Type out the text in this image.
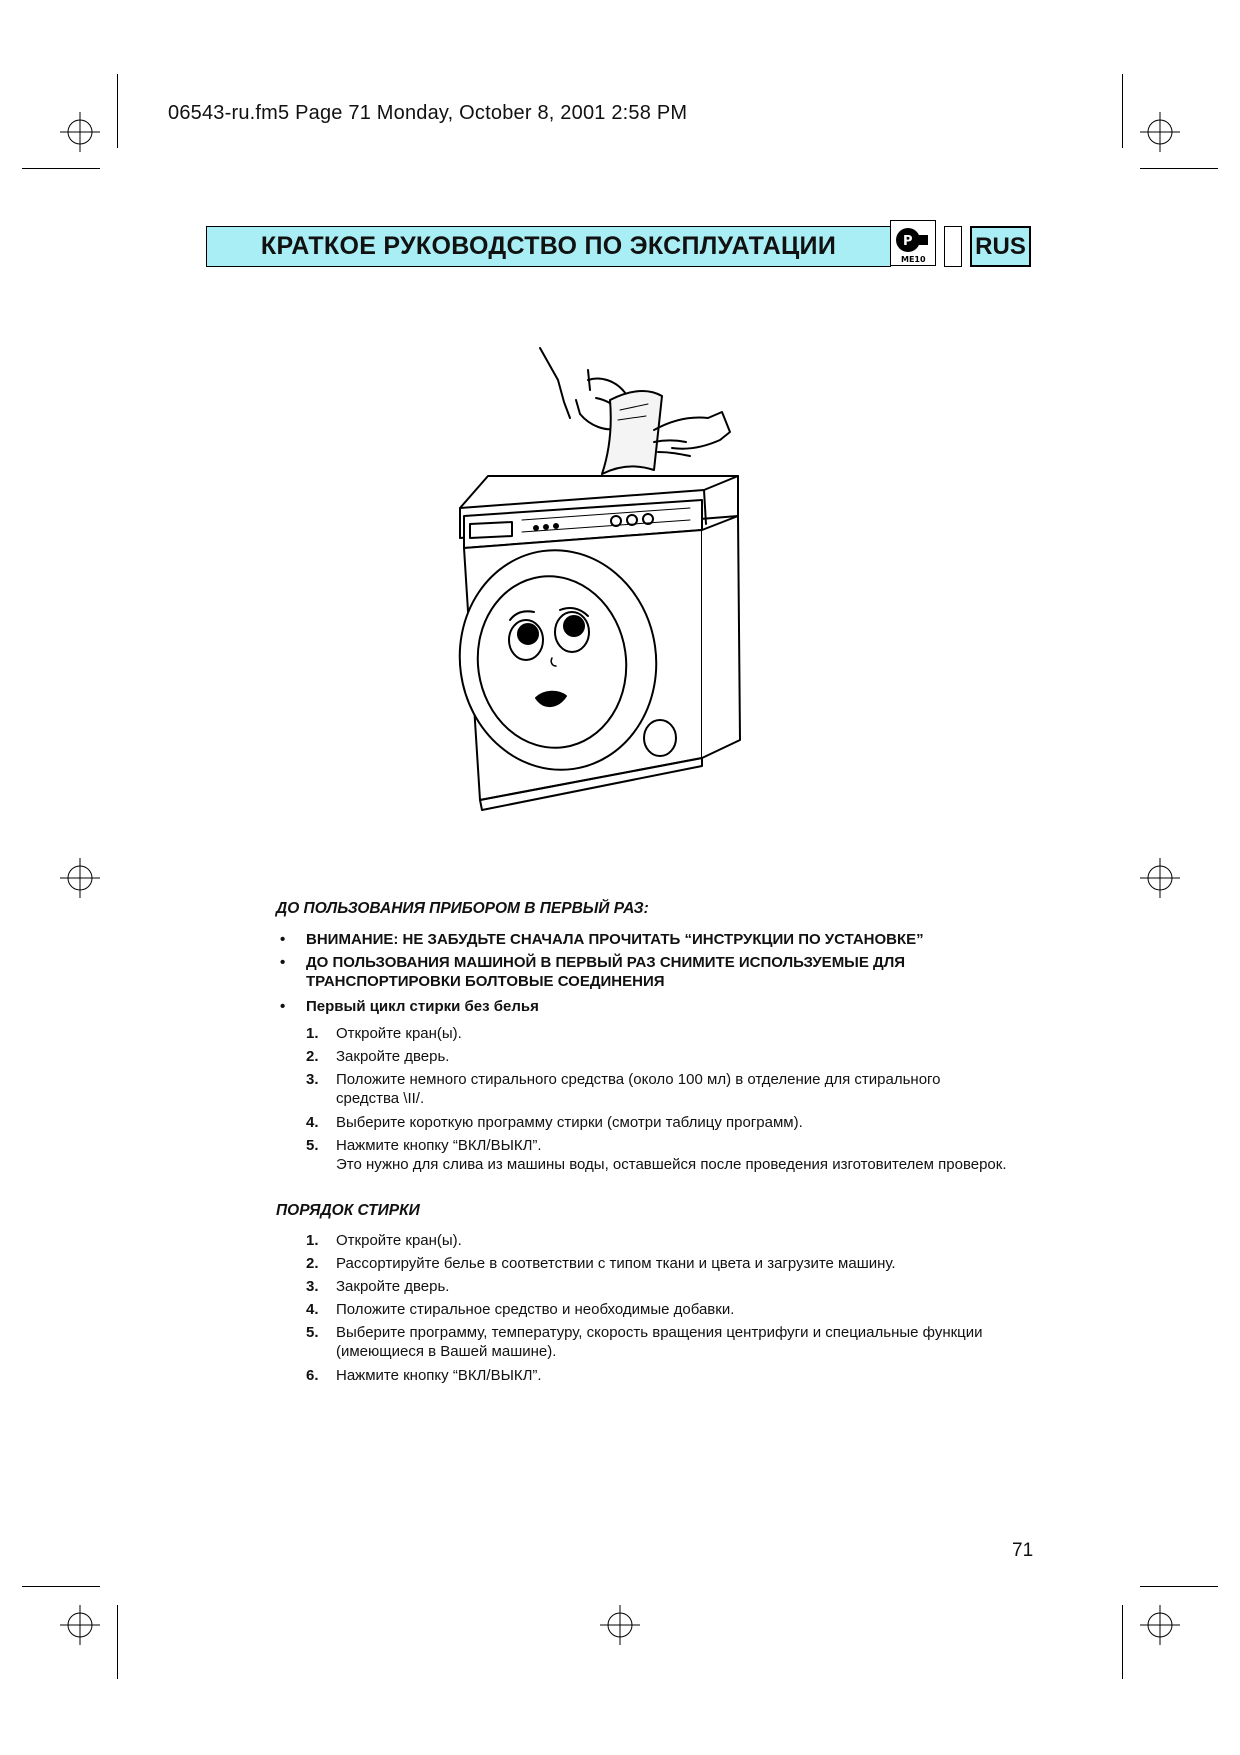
06543-ru.fm5 Page 71 Monday, October 8, 2001 2:58 PM
КРАТКОЕ РУКОВОДСТВО ПО ЭКСПЛУАТАЦИИ	P
ME10 RUS
ДО ПОЛЬЗОВАНИЯ ПРИБОРОМ В ПЕРВЫЙ РАЗ:
• ВНИМАНИЕ: НЕ ЗАБУДЬТЕ СНАЧАЛА ПРОЧИТАТЬ “ИНСТРУКЦИИ ПО УСТАНОВКЕ”
• ДО ПОЛЬЗОВАНИЯ МАШИНОЙ В ПЕРВЫЙ РАЗ СНИМИТЕ ИСПОЛЬЗУЕМЫЕ ДЛЯ ТРАНСПОРТИРОВКИ БОЛТОВЫЕ СОЕДИНЕНИЯ
• Первый цикл стирки без белья
1. Откройте кран(ы).
2. Закройте дверь.
3. Положите немного стирального средства (около 100 мл) в отделение для стирального средства \II/.
4. Выберите короткую программу стирки (смотри таблицу программ).
5. Нажмите кнопку “ВКЛ/ВЫКЛ”.
Это нужно для слива из машины воды, оставшейся после проведения изготовителем проверок.
ПОРЯДОК СТИРКИ
1. Откройте кран(ы).
2. Рассортируйте белье в соответствии с типом ткани и цвета и загрузите машину.
3. Закройте дверь.
4. Положите стиральное средство и необходимые добавки.
5. Выберите программу, температуру, скорость вращения центрифуги и специальные функции (имеющиеся в Вашей машине).
6. Нажмите кнопку “ВКЛ/ВЫКЛ”.
71
